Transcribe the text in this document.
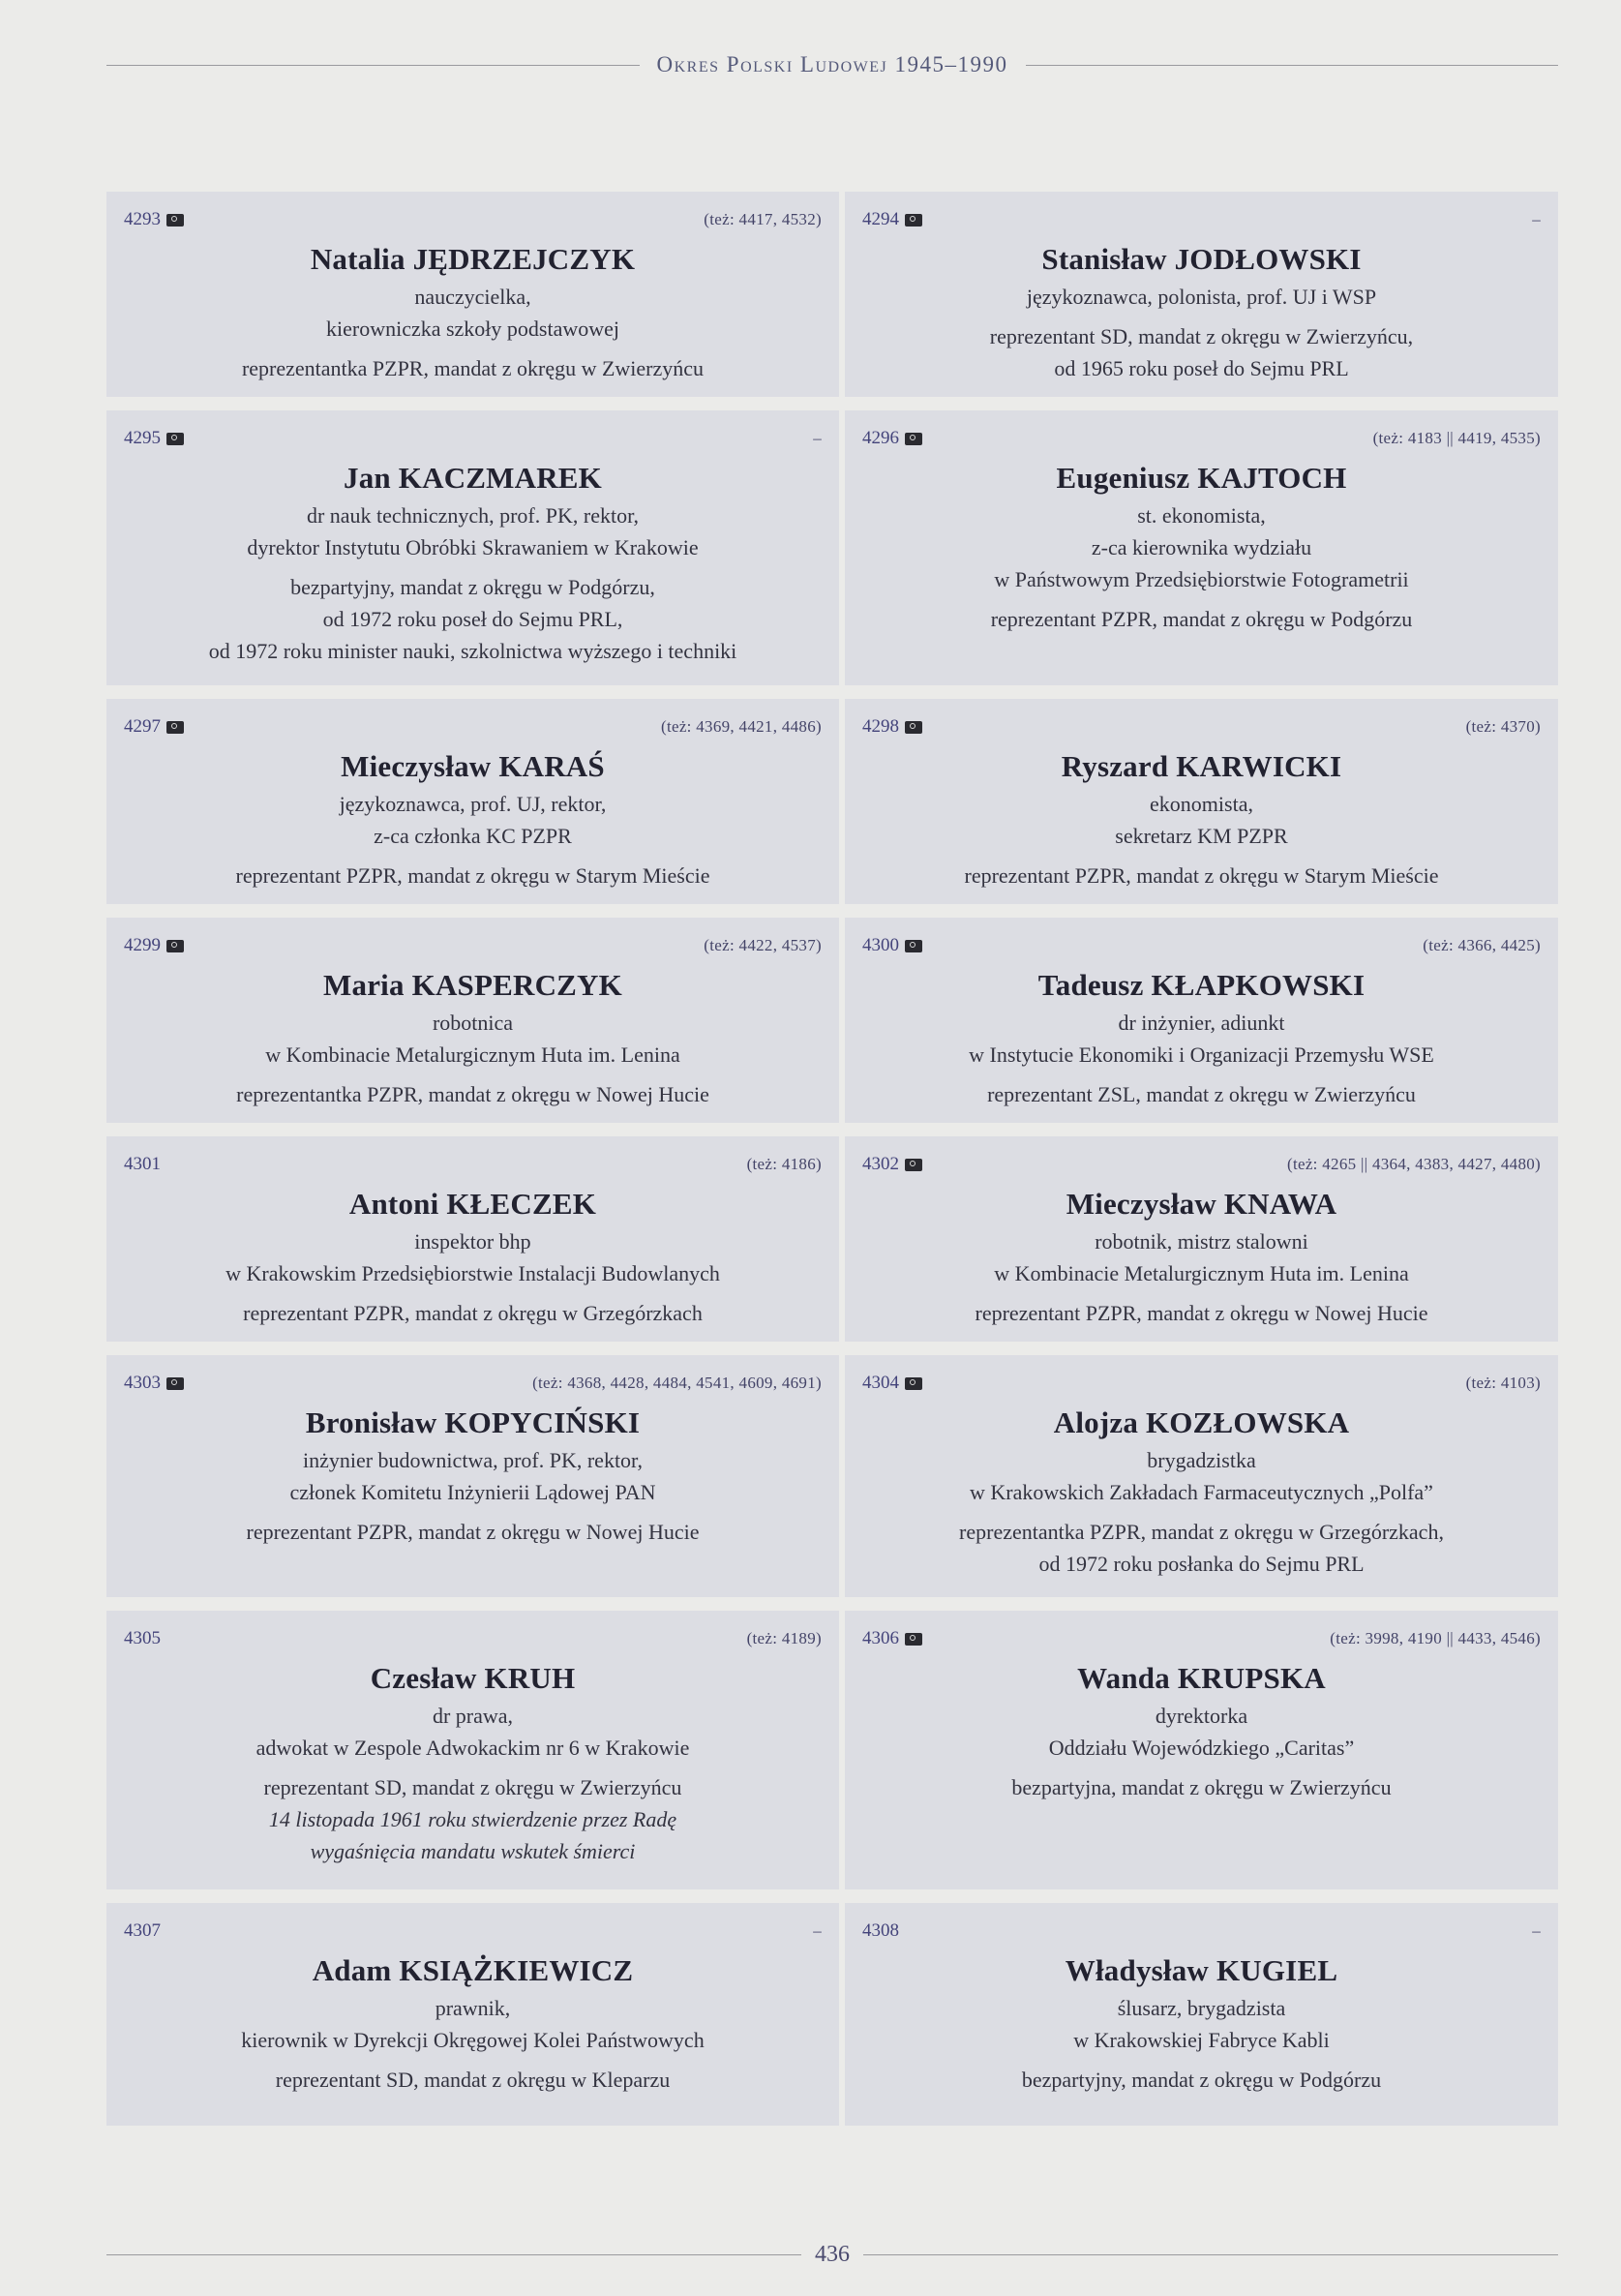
Okres Polski Ludowej 1945–1990
4293	(też: 4417, 4532)
Natalia JĘDRZEJCZYK
nauczycielka,
kierowniczka szkoły podstawowej
reprezentantka PZPR, mandat z okręgu w Zwierzyńcu
4294	–
Stanisław JODŁOWSKI
językoznawca, polonista, prof. UJ i WSP
reprezentant SD, mandat z okręgu w Zwierzyńcu,
od 1965 roku poseł do Sejmu PRL
4295	–
Jan KACZMAREK
dr nauk technicznych, prof. PK, rektor,
dyrektor Instytutu Obróbki Skrawaniem w Krakowie
bezpartyjny, mandat z okręgu w Podgórzu,
od 1972 roku poseł do Sejmu PRL,
od 1972 roku minister nauki, szkolnictwa wyższego i techniki
4296	(też: 4183 || 4419, 4535)
Eugeniusz KAJTOCH
st. ekonomista,
z-ca kierownika wydziału
w Państwowym Przedsiębiorstwie Fotogrametrii
reprezentant PZPR, mandat z okręgu w Podgórzu
4297	(też: 4369, 4421, 4486)
Mieczysław KARAŚ
językoznawca, prof. UJ, rektor,
z-ca członka KC PZPR
reprezentant PZPR, mandat z okręgu w Starym Mieście
4298	(też: 4370)
Ryszard KARWICKI
ekonomista,
sekretarz KM PZPR
reprezentant PZPR, mandat z okręgu w Starym Mieście
4299	(też: 4422, 4537)
Maria KASPERCZYK
robotnica
w Kombinacie Metalurgicznym Huta im. Lenina
reprezentantka PZPR, mandat z okręgu w Nowej Hucie
4300	(też: 4366, 4425)
Tadeusz KŁAPKOWSKI
dr inżynier, adiunkt
w Instytucie Ekonomiki i Organizacji Przemysłu WSE
reprezentant ZSL, mandat z okręgu w Zwierzyńcu
4301	(też: 4186)
Antoni KŁECZEK
inspektor bhp
w Krakowskim Przedsiębiorstwie Instalacji Budowlanych
reprezentant PZPR, mandat z okręgu w Grzegórzkach
4302	(też: 4265 || 4364, 4383, 4427, 4480)
Mieczysław KNAWA
robotnik, mistrz stalowni
w Kombinacie Metalurgicznym Huta im. Lenina
reprezentant PZPR, mandat z okręgu w Nowej Hucie
4303	(też: 4368, 4428, 4484, 4541, 4609, 4691)
Bronisław KOPYCIŃSKI
inżynier budownictwa, prof. PK, rektor,
członek Komitetu Inżynierii Lądowej PAN
reprezentant PZPR, mandat z okręgu w Nowej Hucie
4304	(też: 4103)
Alojza KOZŁOWSKA
brygadzistka
w Krakowskich Zakładach Farmaceutycznych „Polfa”
reprezentantka PZPR, mandat z okręgu w Grzegórzkach,
od 1972 roku posłanka do Sejmu PRL
4305	(też: 4189)
Czesław KRUH
dr prawa,
adwokat w Zespole Adwokackim nr 6 w Krakowie
reprezentant SD, mandat z okręgu w Zwierzyńcu
14 listopada 1961 roku stwierdzenie przez Radę
wygaśnięcia mandatu wskutek śmierci
4306	(też: 3998, 4190 || 4433, 4546)
Wanda KRUPSKA
dyrektorka
Oddziału Wojewódzkiego „Caritas”
bezpartyjna, mandat z okręgu w Zwierzyńcu
4307	–
Adam KSIĄŻKIEWICZ
prawnik,
kierownik w Dyrekcji Okręgowej Kolei Państwowych
reprezentant SD, mandat z okręgu w Kleparzu
4308	–
Władysław KUGIEL
ślusarz, brygadzista
w Krakowskiej Fabryce Kabli
bezpartyjny, mandat z okręgu w Podgórzu
436
